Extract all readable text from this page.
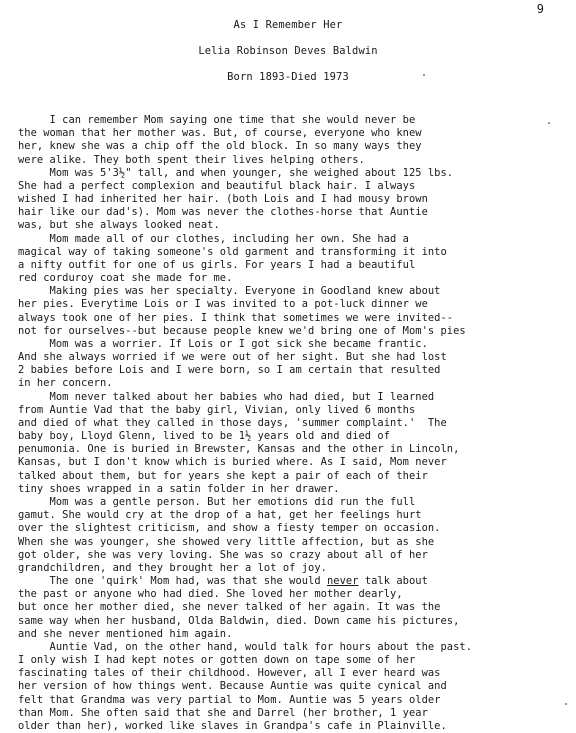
9
As I Remember Her
Lelia Robinson Deves Baldwin
Born 1893-Died 1973
I can remember Mom saying one time that she would never be
the woman that her mother was. But, of course, everyone who knew
her, knew she was a chip off the old block. In so many ways they
were alike. They both spent their lives helping others.
Mom was 5'3½" tall, and when younger, she weighed about 125 lbs.
She had a perfect complexion and beautiful black hair. I always
wished I had inherited her hair. (both Lois and I had mousy brown
hair like our dad's). Mom was never the clothes-horse that Auntie
was, but she always looked neat.
Mom made all of our clothes, including her own. She had a
magical way of taking someone's old garment and transforming it into
a nifty outfit for one of us girls. For years I had a beautiful
red corduroy coat she made for me.
Making pies was her specialty. Everyone in Goodland knew about
her pies. Everytime Lois or I was invited to a pot-luck dinner we
always took one of her pies. I think that sometimes we were invited--
not for ourselves--but because people knew we'd bring one of Mom's pies
Mom was a worrier. If Lois or I got sick she became frantic.
And she always worried if we were out of her sight. But she had lost
2 babies before Lois and I were born, so I am certain that resulted
in her concern.
Mom never talked about her babies who had died, but I learned
from Auntie Vad that the baby girl, Vivian, only lived 6 months
and died of what they called in those days, 'summer complaint.'  The
baby boy, Lloyd Glenn, lived to be 1½ years old and died of
penumonia. One is buried in Brewster, Kansas and the other in Lincoln,
Kansas, but I don't know which is buried where. As I said, Mom never
talked about them, but for years she kept a pair of each of their
tiny shoes wrapped in a satin folder in her drawer.
Mom was a gentle person. But her emotions did run the full
gamut. She would cry at the drop of a hat, get her feelings hurt
over the slightest criticism, and show a fiesty temper on occasion.
When she was younger, she showed very little affection, but as she
got older, she was very loving. She was so crazy about all of her
grandchildren, and they brought her a lot of joy.
The one 'quirk' Mom had, was that she would never talk about
the past or anyone who had died. She loved her mother dearly,
but once her mother died, she never talked of her again. It was the
same way when her husband, Olda Baldwin, died. Down came his pictures,
and she never mentioned him again.
Auntie Vad, on the other hand, would talk for hours about the past.
I only wish I had kept notes or gotten down on tape some of her
fascinating tales of their childhood. However, all I ever heard was
her version of how things went. Because Auntie was quite cynical and
felt that Grandma was very partial to Mom. Auntie was 5 years older
than Mom. She often said that she and Darrel (her brother, 1 year
older than her), worked like slaves in Grandpa's cafe in Plainville.
